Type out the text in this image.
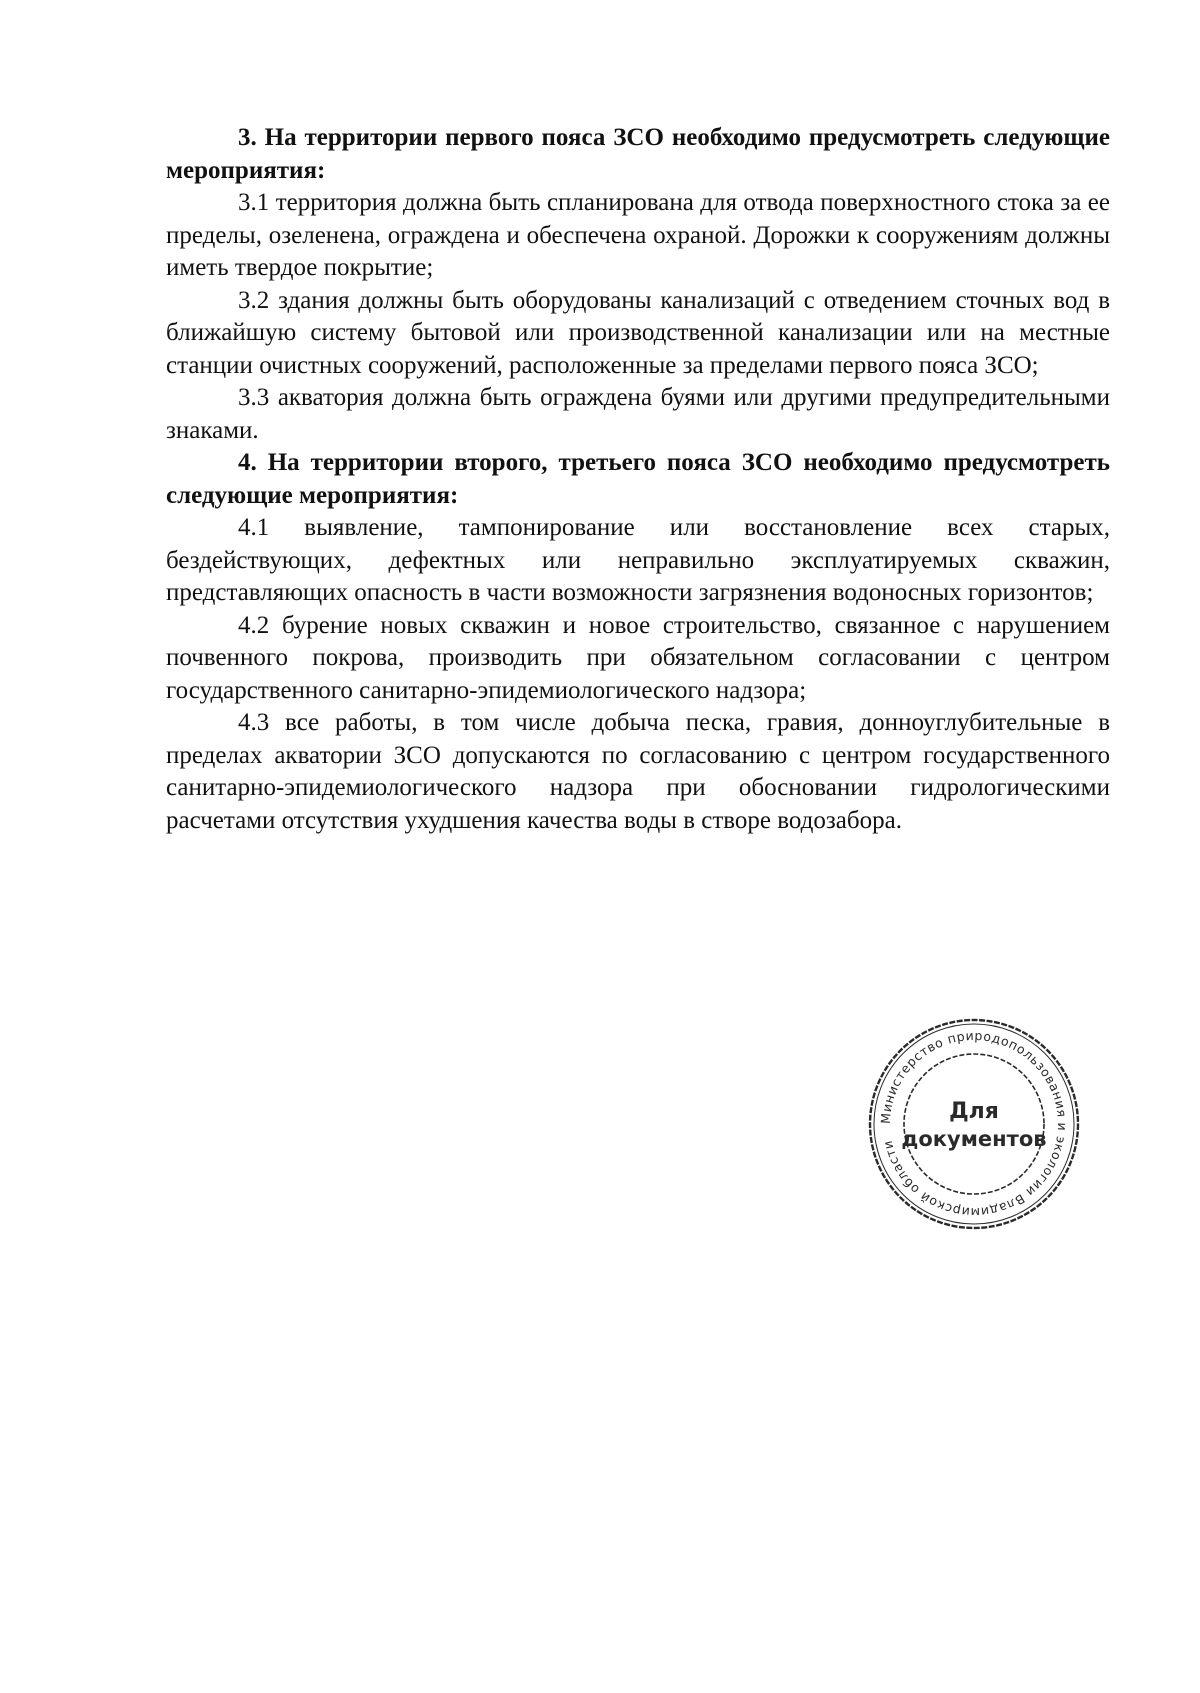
3. На территории первого пояса ЗСО необходимо предусмотреть следующие мероприятия:

3.1 территория должна быть спланирована для отвода поверхностного стока за ее пределы, озеленена, ограждена и обеспечена охраной. Дорожки к сооружениям должны иметь твердое покрытие;

3.2 здания должны быть оборудованы канализаций с отведением сточных вод в ближайшую систему бытовой или производственной канализации или на местные станции очистных сооружений, расположенные за пределами первого пояса ЗСО;

3.3 акватория должна быть ограждена буями или другими предупредительными знаками.

4. На территории второго, третьего пояса ЗСО необходимо предусмотреть следующие мероприятия:

4.1 выявление, тампонирование или восстановление всех старых, бездействующих, дефектных или неправильно эксплуатируемых скважин, представляющих опасность в части возможности загрязнения водоносных горизонтов;

4.2 бурение новых скважин и новое строительство, связанное с нарушением почвенного покрова, производить при обязательном согласовании с центром государственного санитарно-эпидемиологического надзора;

4.3 все работы, в том числе добыча песка, гравия, донноуглубительные в пределах акватории ЗСО допускаются по согласованию с центром государственного санитарно-эпидемиологического надзора при обосновании гидрологическими расчетами отсутствия ухудшения качества воды в створе водозабора.

Министерство природопользования и экологии Владимирской области
Для
документов
